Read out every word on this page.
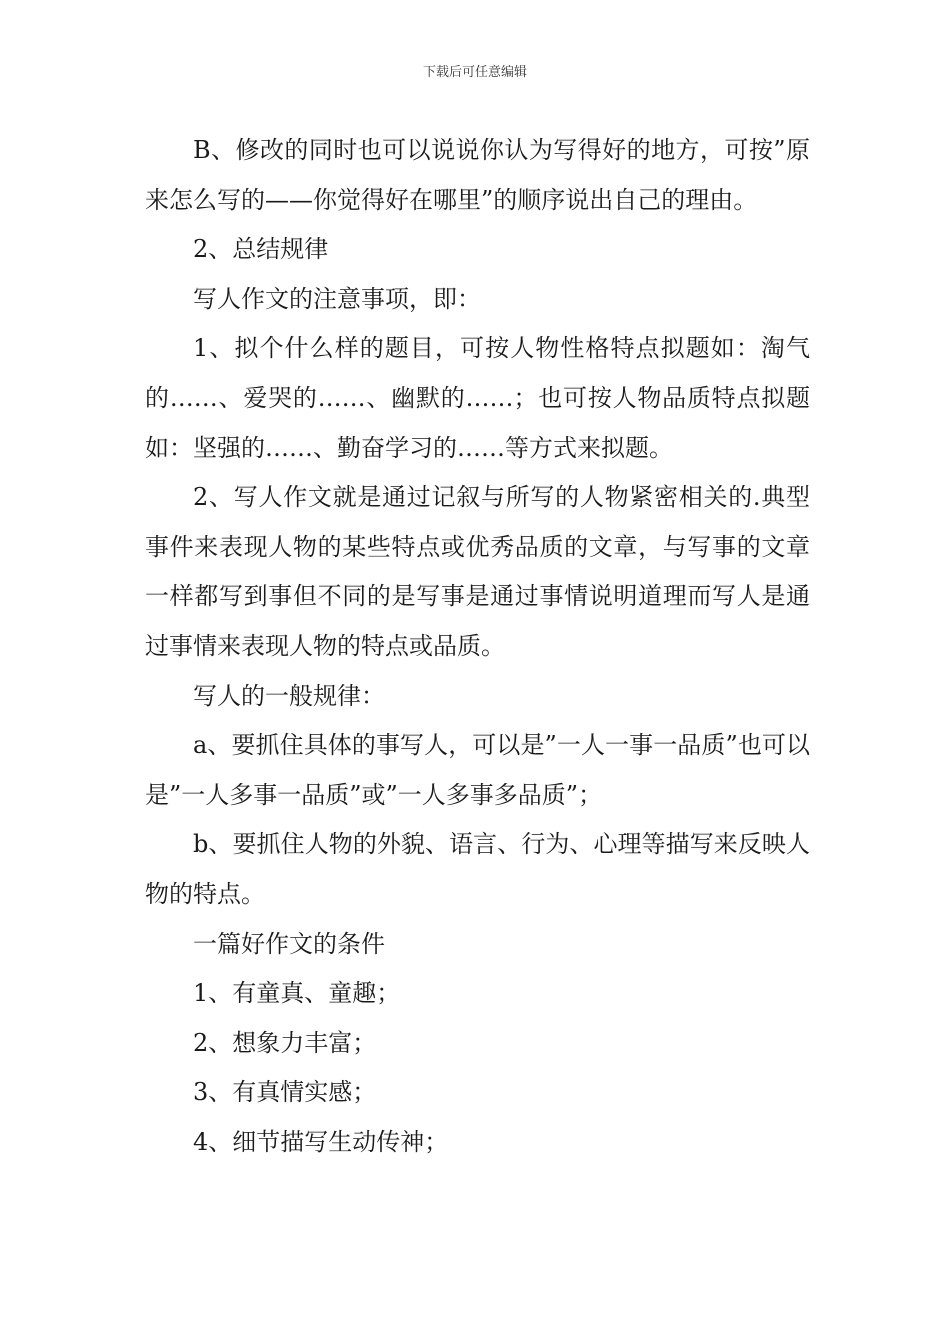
下载后可任意编辑

B、修改的同时也可以说说你认为写得好的地方，可按”原来怎么写的——你觉得好在哪里”的顺序说出自己的理由。

2、总结规律

写人作文的注意事项，即：

1、拟个什么样的题目，可按人物性格特点拟题如：淘气的……、爱哭的……、幽默的……；也可按人物品质特点拟题如：坚强的……、勤奋学习的……等方式来拟题。

2、写人作文就是通过记叙与所写的人物紧密相关的.典型事件来表现人物的某些特点或优秀品质的文章，与写事的文章一样都写到事但不同的是写事是通过事情说明道理而写人是通过事情来表现人物的特点或品质。

写人的一般规律：

a、要抓住具体的事写人，可以是”一人一事一品质”也可以是”一人多事一品质”或”一人多事多品质”；

b、要抓住人物的外貌、语言、行为、心理等描写来反映人物的特点。

一篇好作文的条件

1、有童真、童趣；

2、想象力丰富；

3、有真情实感；

4、细节描写生动传神；
